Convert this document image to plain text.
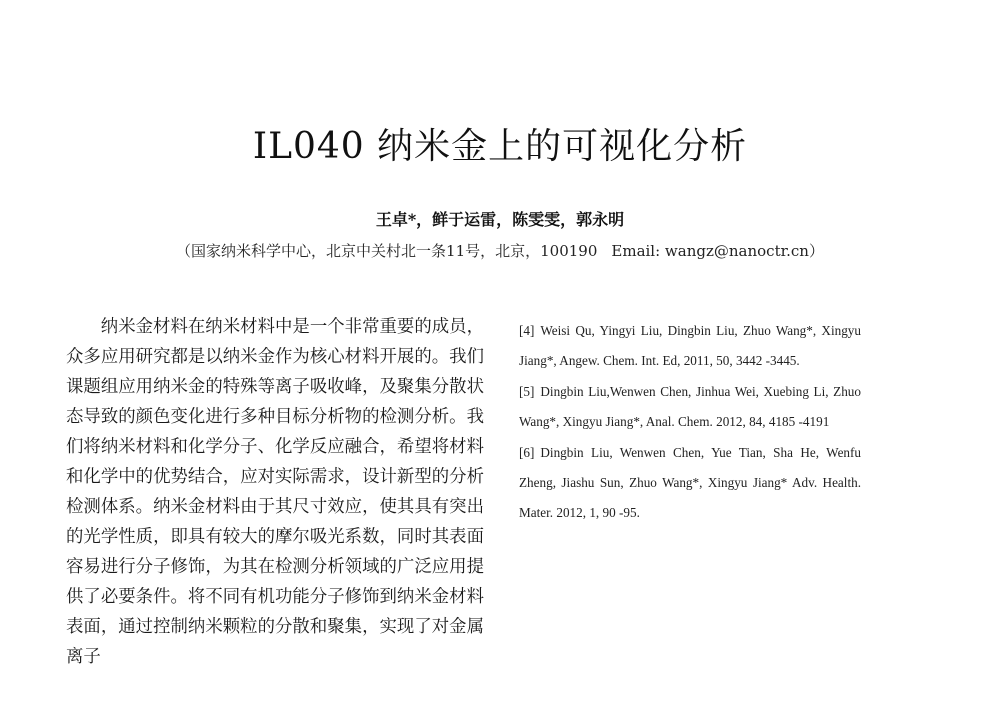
IL040 纳米金上的可视化分析
王卓*，鲜于运雷，陈雯雯，郭永明
（国家纳米科学中心，北京中关村北一条11号，北京，100190 Email: wangz@nanoctr.cn）

纳米金材料在纳米材料中是一个非常重要的成员，众多应用研究都是以纳米金作为核心材料开展的。我们课题组应用纳米金的特殊等离子吸收峰，及聚集分散状态导致的颜色变化进行多种目标分析物的检测分析。我们将纳米材料和化学分子、化学反应融合，希望将材料和化学中的优势结合，应对实际需求，设计新型的分析检测体系。纳米金材料由于其尺寸效应，使其具有突出的光学性质，即具有较大的摩尔吸光系数，同时其表面容易进行分子修饰，为其在检测分析领域的广泛应用提供了必要条件。将不同有机功能分子修饰到纳米金材料表面，通过控制纳米颗粒的分散和聚集，实现了对金属离子

[4] Weisi Qu, Yingyi Liu, Dingbin Liu, Zhuo Wang*, Xingyu Jiang*, Angew. Chem. Int. Ed, 2011, 50, 3442 -3445.
[5] Dingbin Liu,Wenwen Chen, Jinhua Wei, Xuebing Li, Zhuo Wang*, Xingyu Jiang*, Anal. Chem. 2012, 84, 4185 -4191
[6] Dingbin Liu, Wenwen Chen, Yue Tian, Sha He, Wenfu Zheng, Jiashu Sun, Zhuo Wang*, Xingyu Jiang* Adv. Health. Mater. 2012, 1, 90 -95.
